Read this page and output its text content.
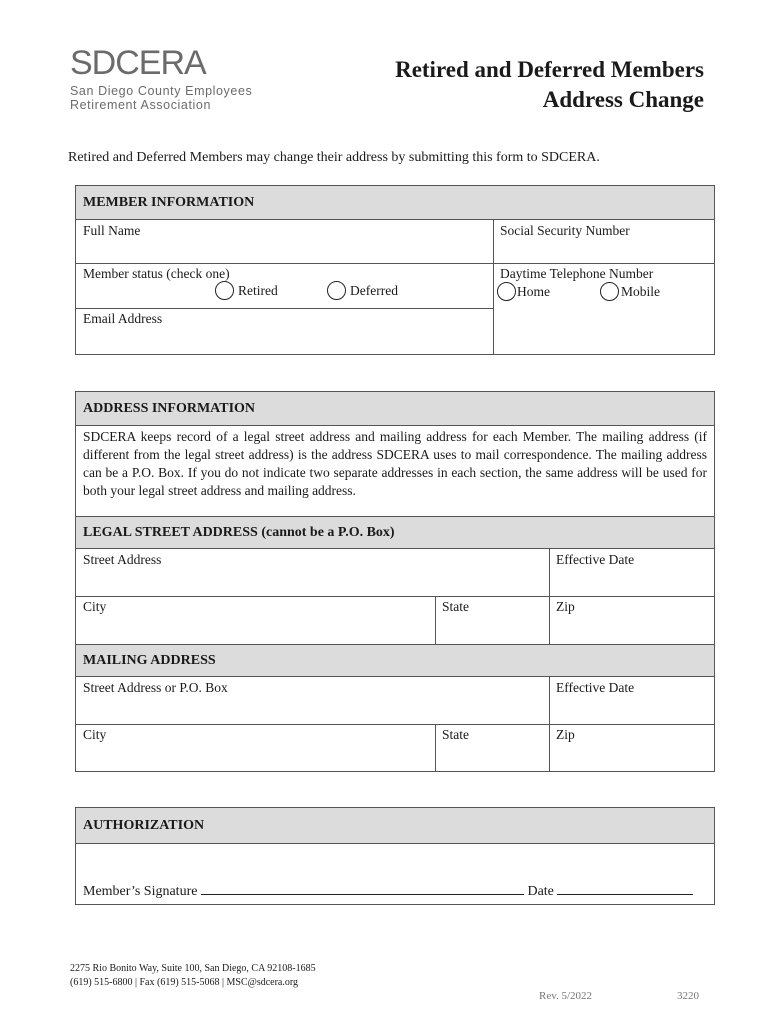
SDCERA
San Diego County Employees
Retirement Association
Retired and Deferred Members
Address Change
Retired and Deferred Members may change their address by submitting this form to SDCERA.
MEMBER INFORMATION
Full Name	Social Security Number
Member status (check one)
Retired	Deferred
Daytime Telephone Number
Home	Mobile
Email Address
ADDRESS INFORMATION
SDCERA keeps record of a legal street address and mailing address for each Member. The mailing address (if different from the legal street address) is the address SDCERA uses to mail correspondence. The mailing address can be a P.O. Box. If you do not indicate two separate addresses in each section, the same address will be used for both your legal street address and mailing address.
LEGAL STREET ADDRESS (cannot be a P.O. Box)
Street Address	Effective Date
City	State	Zip
MAILING ADDRESS
Street Address or P.O. Box	Effective Date
City	State	Zip
AUTHORIZATION
Member’s Signature	Date
2275 Rio Bonito Way, Suite 100, San Diego, CA 92108-1685
(619) 515-6800 | Fax (619) 515-5068 | MSC@sdcera.org
Rev. 5/2022	3220
